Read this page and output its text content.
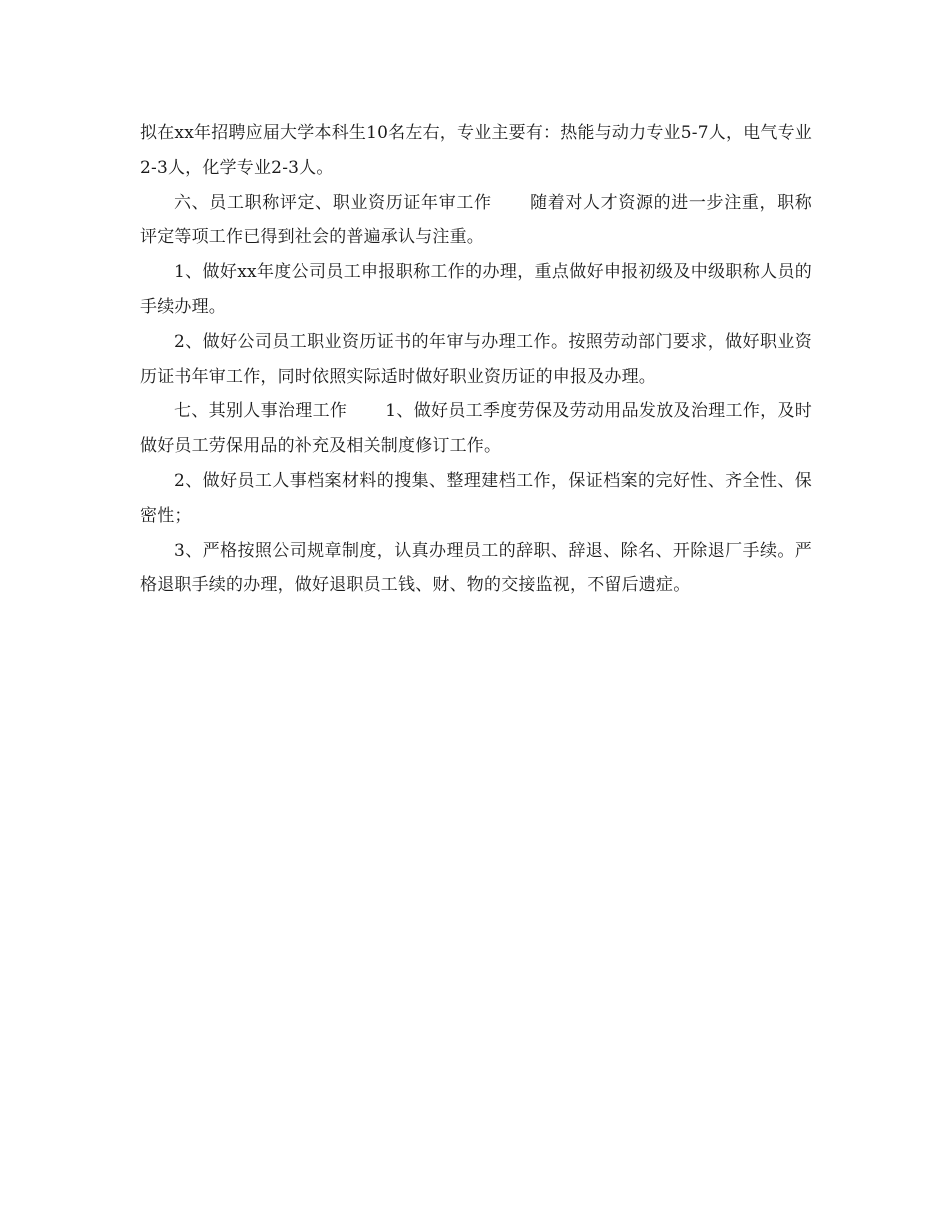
拟在xx年招聘应届大学本科生10名左右，专业主要有：热能与动力专业5-7人，电气专业2-3人，化学专业2-3人。

六、员工职称评定、职业资历证年审工作 随着对人才资源的进一步注重，职称评定等项工作已得到社会的普遍承认与注重。

1、做好xx年度公司员工申报职称工作的办理，重点做好申报初级及中级职称人员的手续办理。

2、做好公司员工职业资历证书的年审与办理工作。按照劳动部门要求，做好职业资历证书年审工作，同时依照实际适时做好职业资历证的申报及办理。

七、其别人事治理工作 1、做好员工季度劳保及劳动用品发放及治理工作，及时做好员工劳保用品的补充及相关制度修订工作。

2、做好员工人事档案材料的搜集、整理建档工作，保证档案的完好性、齐全性、保密性；

3、严格按照公司规章制度，认真办理员工的辞职、辞退、除名、开除退厂手续。严格退职手续的办理，做好退职员工钱、财、物的交接监视，不留后遗症。
